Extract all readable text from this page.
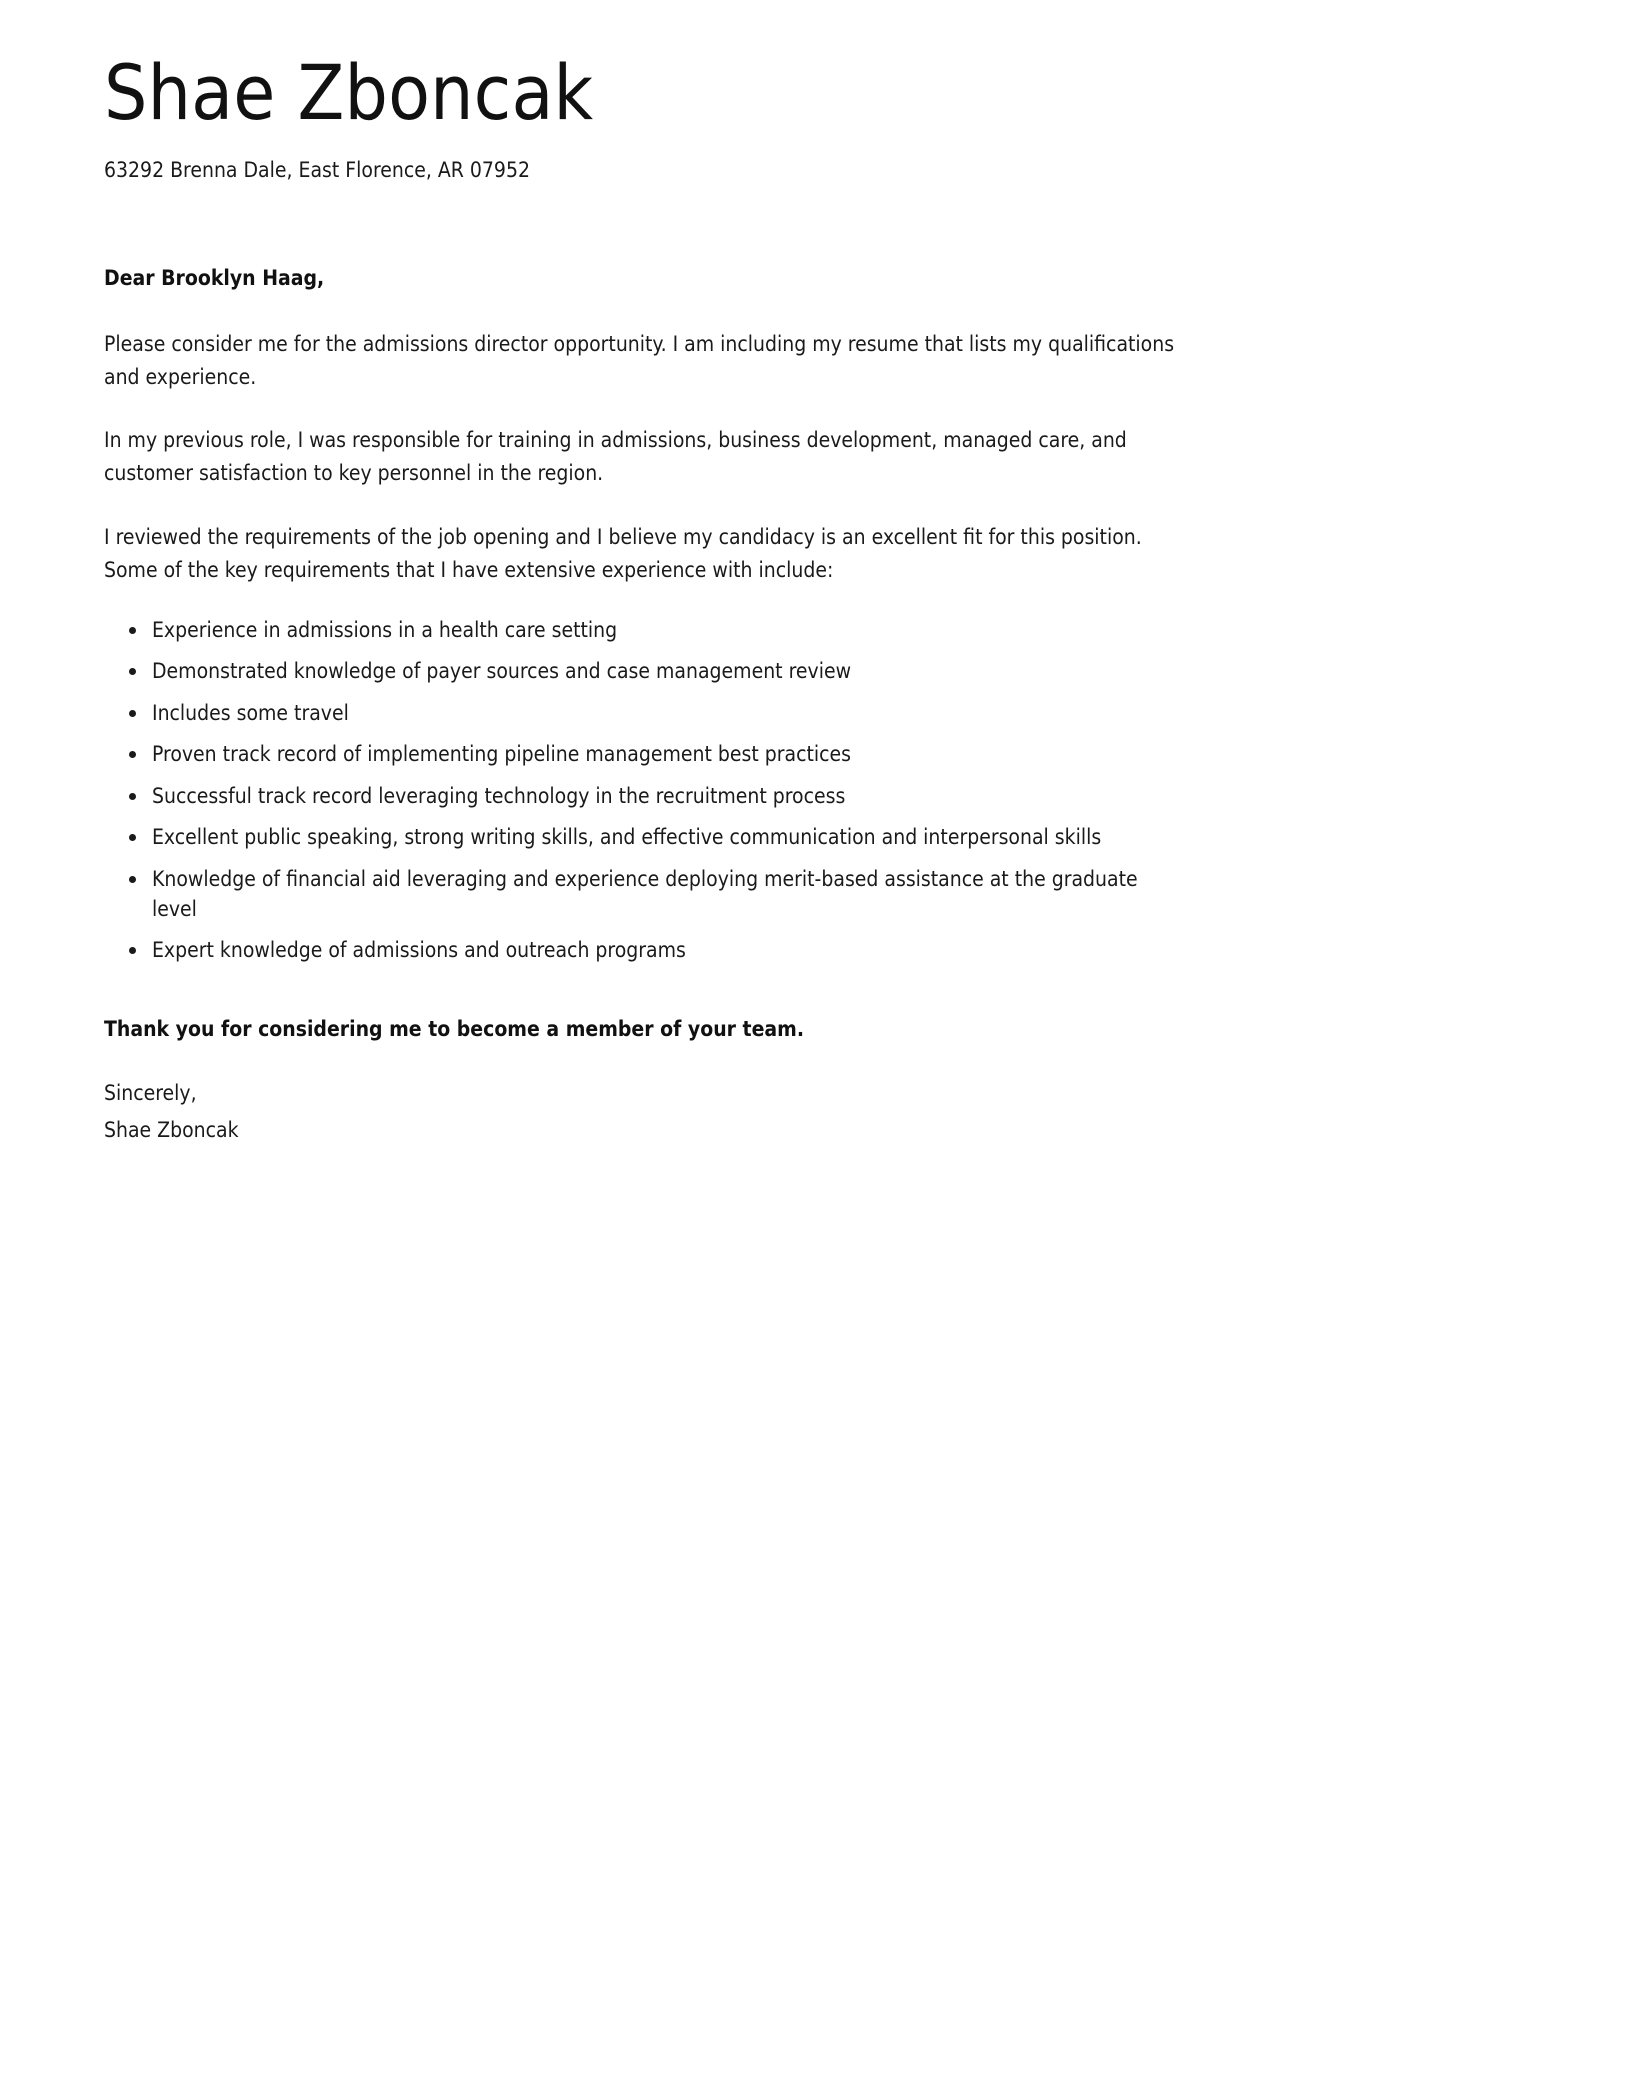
Shae Zboncak
63292 Brenna Dale, East Florence, AR 07952

Dear Brooklyn Haag,

Please consider me for the admissions director opportunity. I am including my resume that lists my qualifications and experience.

In my previous role, I was responsible for training in admissions, business development, managed care, and customer satisfaction to key personnel in the region.

I reviewed the requirements of the job opening and I believe my candidacy is an excellent fit for this position. Some of the key requirements that I have extensive experience with include:

Experience in admissions in a health care setting
Demonstrated knowledge of payer sources and case management review
Includes some travel
Proven track record of implementing pipeline management best practices
Successful track record leveraging technology in the recruitment process
Excellent public speaking, strong writing skills, and effective communication and interpersonal skills
Knowledge of financial aid leveraging and experience deploying merit-based assistance at the graduate level
Expert knowledge of admissions and outreach programs

Thank you for considering me to become a member of your team.

Sincerely,

Shae Zboncak
